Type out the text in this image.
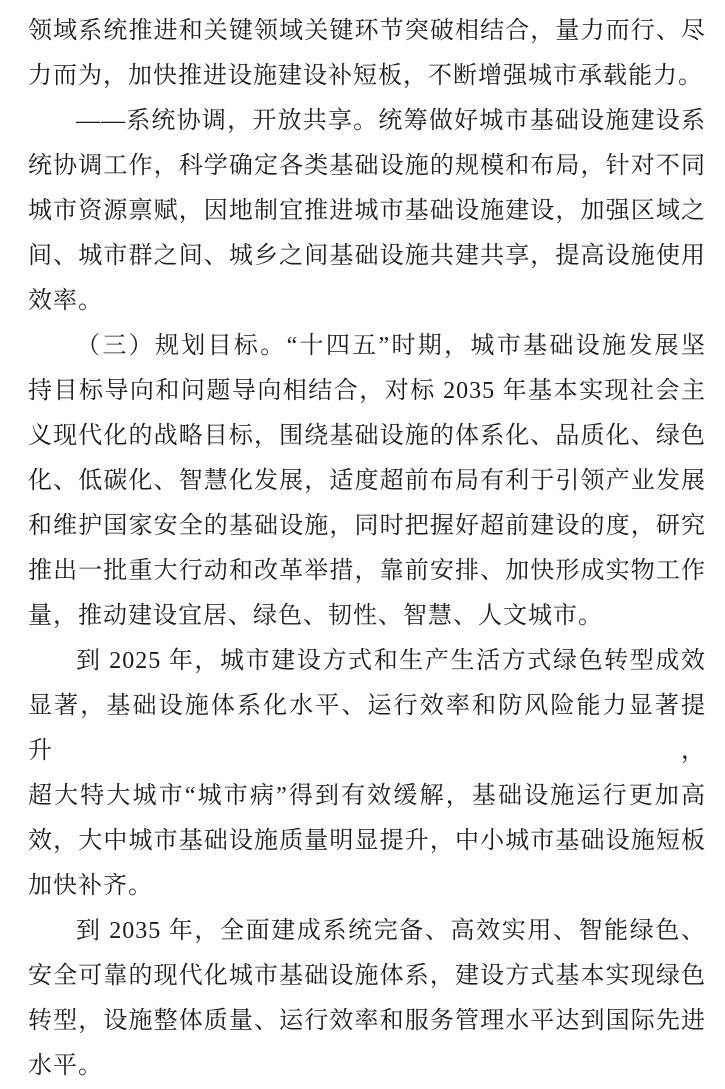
领域系统推进和关键领域关键环节突破相结合，量力而行、尽
力而为，加快推进设施建设补短板，不断增强城市承载能力。
——系统协调，开放共享。统筹做好城市基础设施建设系
统协调工作，科学确定各类基础设施的规模和布局，针对不同
城市资源禀赋，因地制宜推进城市基础设施建设，加强区域之
间、城市群之间、城乡之间基础设施共建共享，提高设施使用
效率。
（三）规划目标。“十四五”时期，城市基础设施发展坚
持目标导向和问题导向相结合，对标 2035 年基本实现社会主
义现代化的战略目标，围绕基础设施的体系化、品质化、绿色
化、低碳化、智慧化发展，适度超前布局有利于引领产业发展
和维护国家安全的基础设施，同时把握好超前建设的度，研究
推出一批重大行动和改革举措，靠前安排、加快形成实物工作
量，推动建设宜居、绿色、韧性、智慧、人文城市。
到 2025 年，城市建设方式和生产生活方式绿色转型成效
显著，基础设施体系化水平、运行效率和防风险能力显著提升，
超大特大城市“城市病”得到有效缓解，基础设施运行更加高
效，大中城市基础设施质量明显提升，中小城市基础设施短板
加快补齐。
到 2035 年，全面建成系统完备、高效实用、智能绿色、
安全可靠的现代化城市基础设施体系，建设方式基本实现绿色
转型，设施整体质量、运行效率和服务管理水平达到国际先进
水平。
